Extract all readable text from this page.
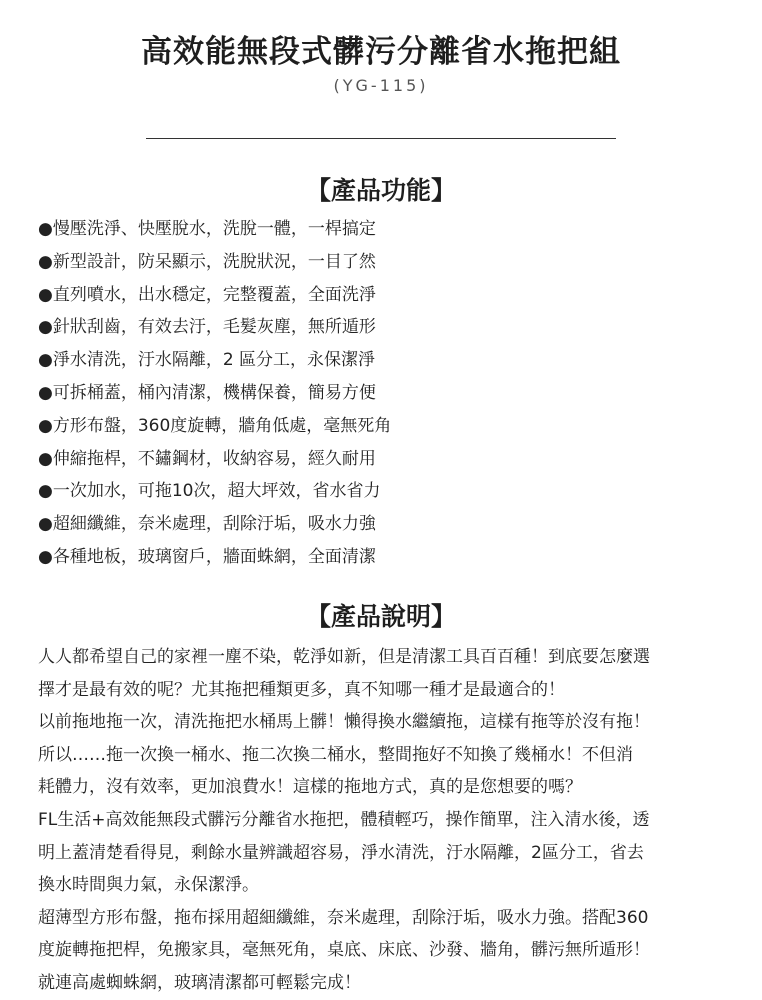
高效能無段式髒污分離省水拖把組
(YG-115)
【產品功能】
●慢壓洗淨、快壓脫水，洗脫一體，一桿搞定
●新型設計，防呆顯示，洗脫狀況，一目了然
●直列噴水，出水穩定，完整覆蓋，全面洗淨
●針狀刮齒，有效去汙，毛髮灰塵，無所遁形
●淨水清洗，汙水隔離，2 區分工，永保潔淨
●可拆桶蓋，桶內清潔，機構保養，簡易方便
●方形布盤，360度旋轉，牆角低處，毫無死角
●伸縮拖桿，不鏽鋼材，收納容易，經久耐用
●一次加水，可拖10次，超大坪效，省水省力
●超細纖維，奈米處理，刮除汙垢，吸水力強
●各種地板，玻璃窗戶，牆面蛛網，全面清潔
【產品說明】

人人都希望自己的家裡一塵不染，乾淨如新，但是清潔工具百百種！到底要怎麼選

擇才是最有效的呢？尤其拖把種類更多，真不知哪一種才是最適合的！

以前拖地拖一次，清洗拖把水桶馬上髒！懶得換水繼續拖，這樣有拖等於沒有拖！

所以……拖一次換一桶水、拖二次換二桶水，整間拖好不知換了幾桶水！不但消

耗體力，沒有效率，更加浪費水！這樣的拖地方式，真的是您想要的嗎？

FL生活+高效能無段式髒污分離省水拖把，體積輕巧，操作簡單，注入清水後，透

明上蓋清楚看得見，剩餘水量辨識超容易，淨水清洗，汙水隔離，2區分工，省去

換水時間與力氣，永保潔淨。

超薄型方形布盤，拖布採用超細纖維，奈米處理，刮除汙垢，吸水力強。搭配360

度旋轉拖把桿，免搬家具，毫無死角，桌底、床底、沙發、牆角，髒污無所遁形！

就連高處蜘蛛網，玻璃清潔都可輕鬆完成！
